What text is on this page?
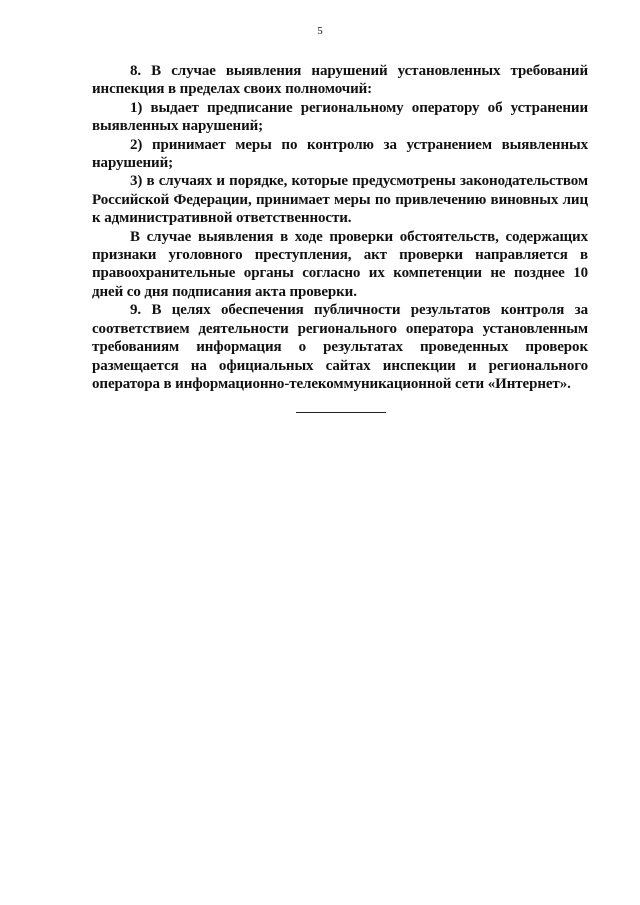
5

8. В случае выявления нарушений установленных требований инспекция в пределах своих полномочий:

1) выдает предписание региональному оператору об устранении выявленных нарушений;

2) принимает меры по контролю за устранением выявленных нарушений;

3) в случаях и порядке, которые предусмотрены законодательством Российской Федерации, принимает меры по привлечению виновных лиц к административной ответственности.

В случае выявления в ходе проверки обстоятельств, содержащих признаки уголовного преступления, акт проверки направляется в правоохранительные органы согласно их компетенции не позднее 10 дней со дня подписания акта проверки.

9. В целях обеспечения публичности результатов контроля за соответствием деятельности регионального оператора установленным требованиям информация о результатах проведенных проверок размещается на официальных сайтах инспекции и регионального оператора в информационно-телекоммуникационной сети «Интернет».
